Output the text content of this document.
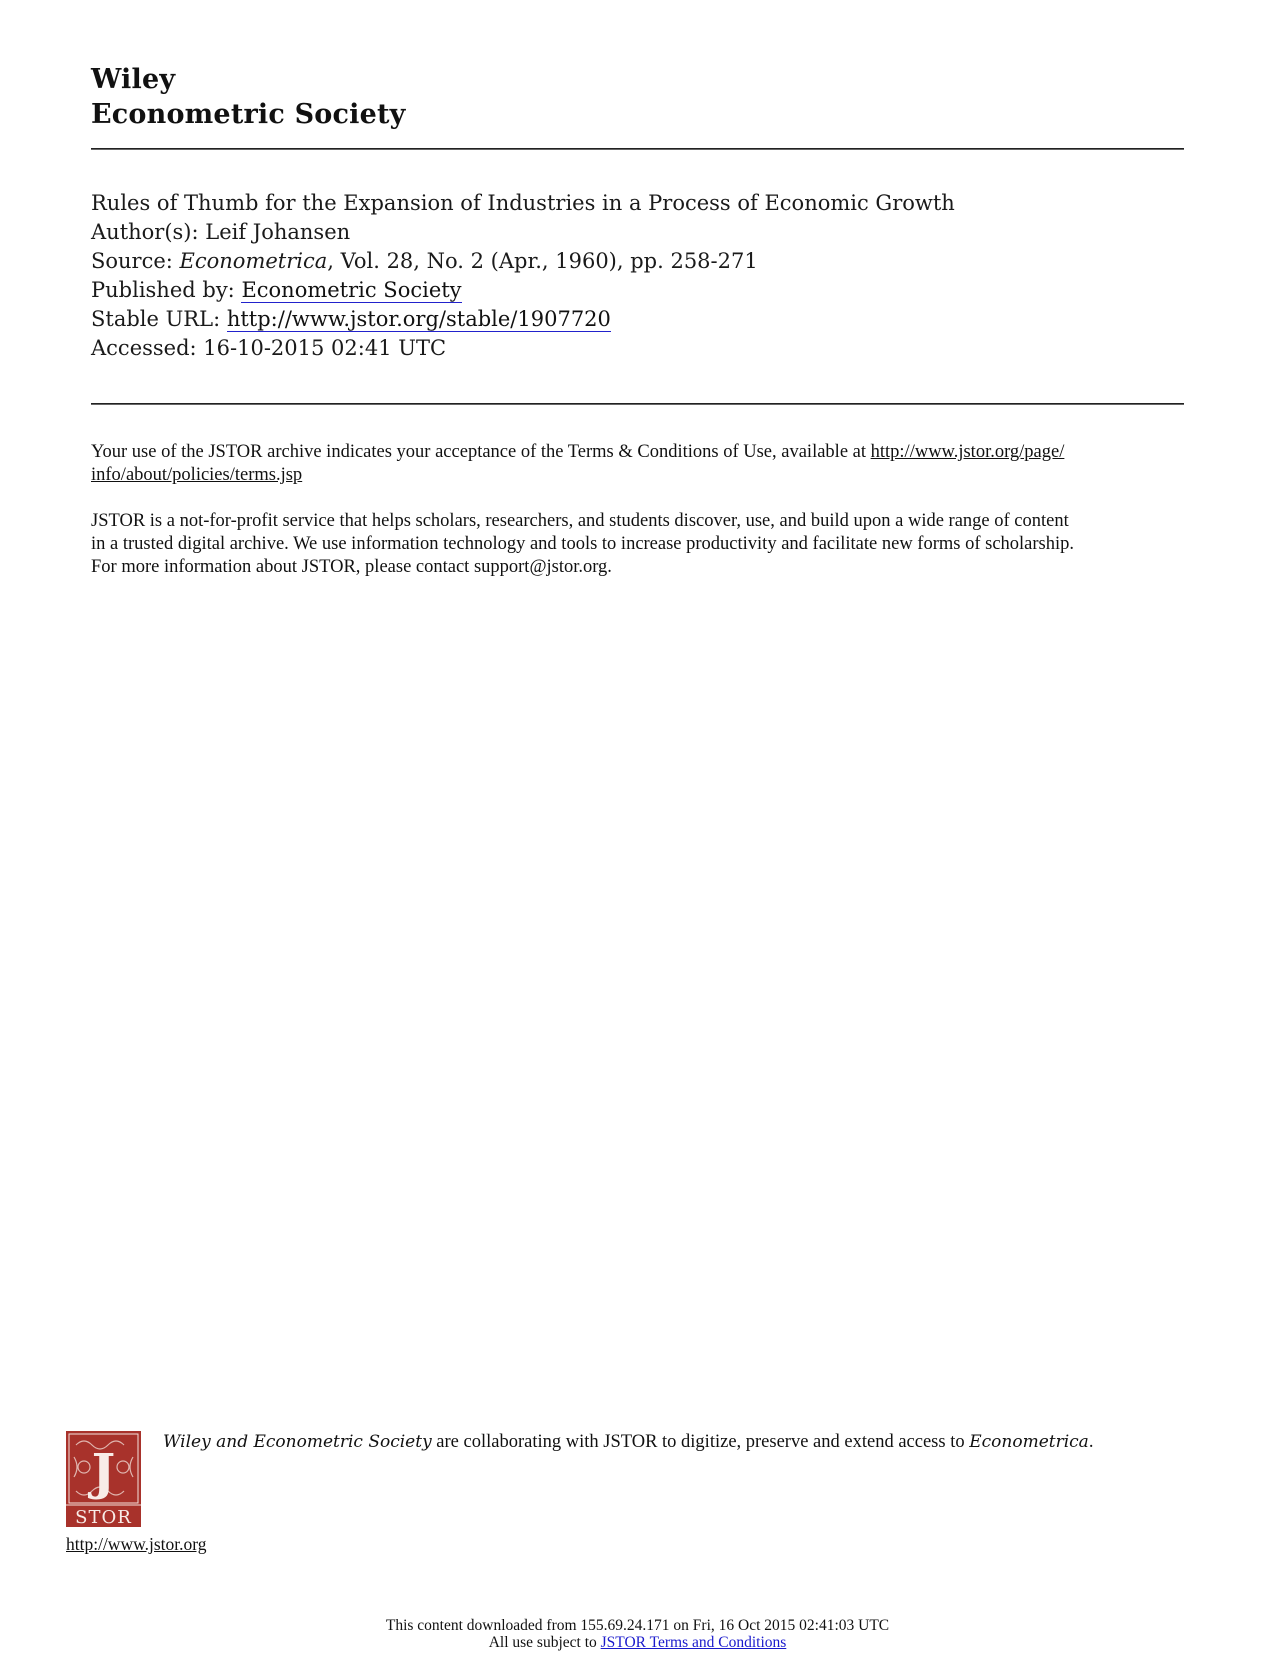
Wiley
Econometric Society
Rules of Thumb for the Expansion of Industries in a Process of Economic Growth
Author(s): Leif Johansen
Source: Econometrica, Vol. 28, No. 2 (Apr., 1960), pp. 258-271
Published by: Econometric Society
Stable URL: http://www.jstor.org/stable/1907720
Accessed: 16-10-2015 02:41 UTC
Your use of the JSTOR archive indicates your acceptance of the Terms & Conditions of Use, available at http://www.jstor.org/page/
info/about/policies/terms.jsp
JSTOR is a not-for-profit service that helps scholars, researchers, and students discover, use, and build upon a wide range of content
in a trusted digital archive. We use information technology and tools to increase productivity and facilitate new forms of scholarship.
For more information about JSTOR, please contact support@jstor.org.
J
STOR
http://www.jstor.org
Wiley and Econometric Society are collaborating with JSTOR to digitize, preserve and extend access to Econometrica.
This content downloaded from 155.69.24.171 on Fri, 16 Oct 2015 02:41:03 UTC
All use subject to JSTOR Terms and Conditions
